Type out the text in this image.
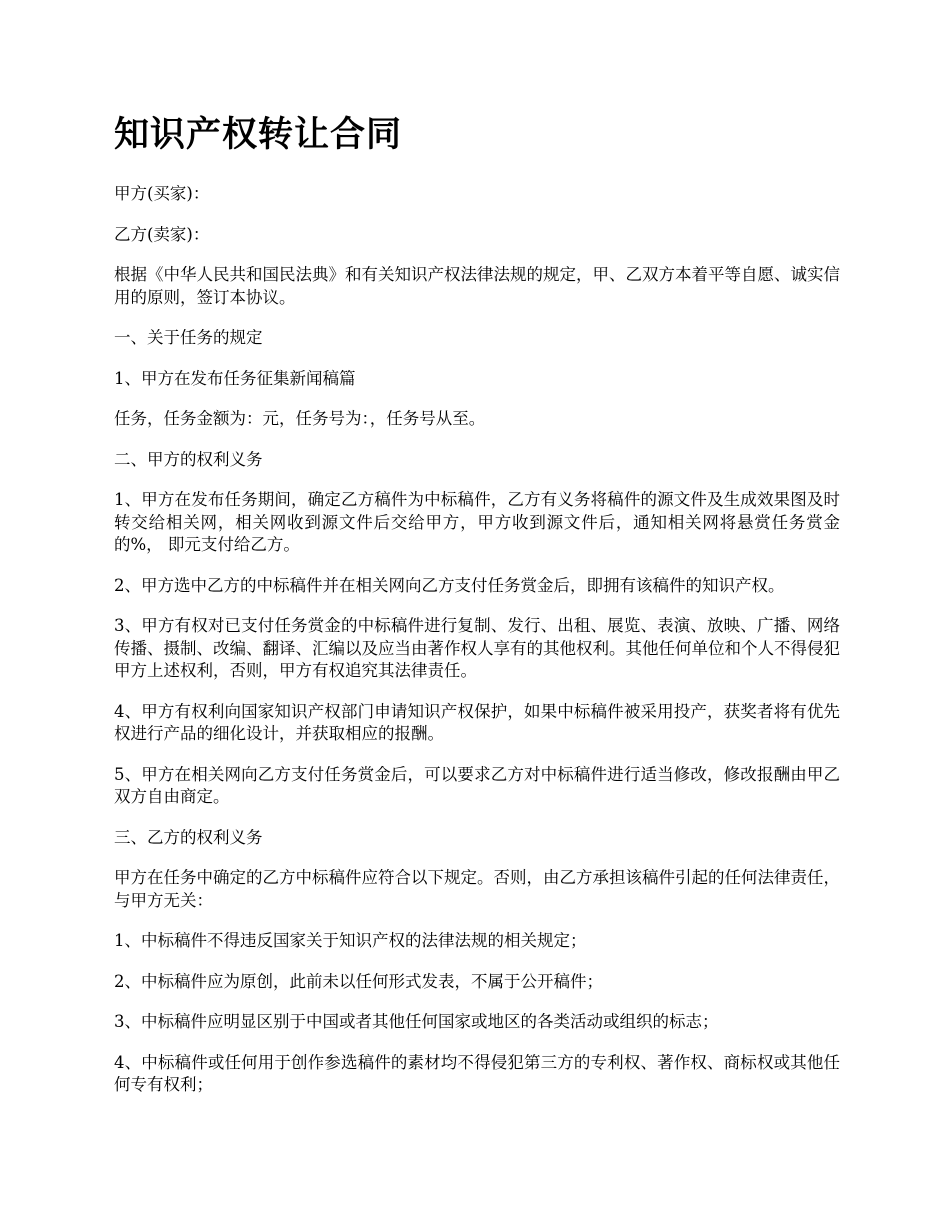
知识产权转让合同

甲方(买家)：

乙方(卖家)：

根据《中华人民共和国民法典》和有关知识产权法律法规的规定，甲、乙双方本着平等自愿、诚实信用的原则，签订本协议。

一、关于任务的规定

1、甲方在发布任务征集新闻稿篇

任务，任务金额为：元，任务号为：，任务号从至。

二、甲方的权利义务

1、甲方在发布任务期间，确定乙方稿件为中标稿件，乙方有义务将稿件的源文件及生成效果图及时转交给相关网，相关网收到源文件后交给甲方，甲方收到源文件后，通知相关网将悬赏任务赏金的%， 即元支付给乙方。

2、甲方选中乙方的中标稿件并在相关网向乙方支付任务赏金后，即拥有该稿件的知识产权。

3、甲方有权对已支付任务赏金的中标稿件进行复制、发行、出租、展览、表演、放映、广播、网络传播、摄制、改编、翻译、汇编以及应当由著作权人享有的其他权利。其他任何单位和个人不得侵犯甲方上述权利，否则，甲方有权追究其法律责任。

4、甲方有权利向国家知识产权部门申请知识产权保护，如果中标稿件被采用投产，获奖者将有优先权进行产品的细化设计，并获取相应的报酬。

5、甲方在相关网向乙方支付任务赏金后，可以要求乙方对中标稿件进行适当修改，修改报酬由甲乙双方自由商定。

三、乙方的权利义务

甲方在任务中确定的乙方中标稿件应符合以下规定。否则，由乙方承担该稿件引起的任何法律责任，与甲方无关：

1、中标稿件不得违反国家关于知识产权的法律法规的相关规定；

2、中标稿件应为原创，此前未以任何形式发表，不属于公开稿件；

3、中标稿件应明显区别于中国或者其他任何国家或地区的各类活动或组织的标志；

4、中标稿件或任何用于创作参选稿件的素材均不得侵犯第三方的专利权、著作权、商标权或其他任何专有权利；
